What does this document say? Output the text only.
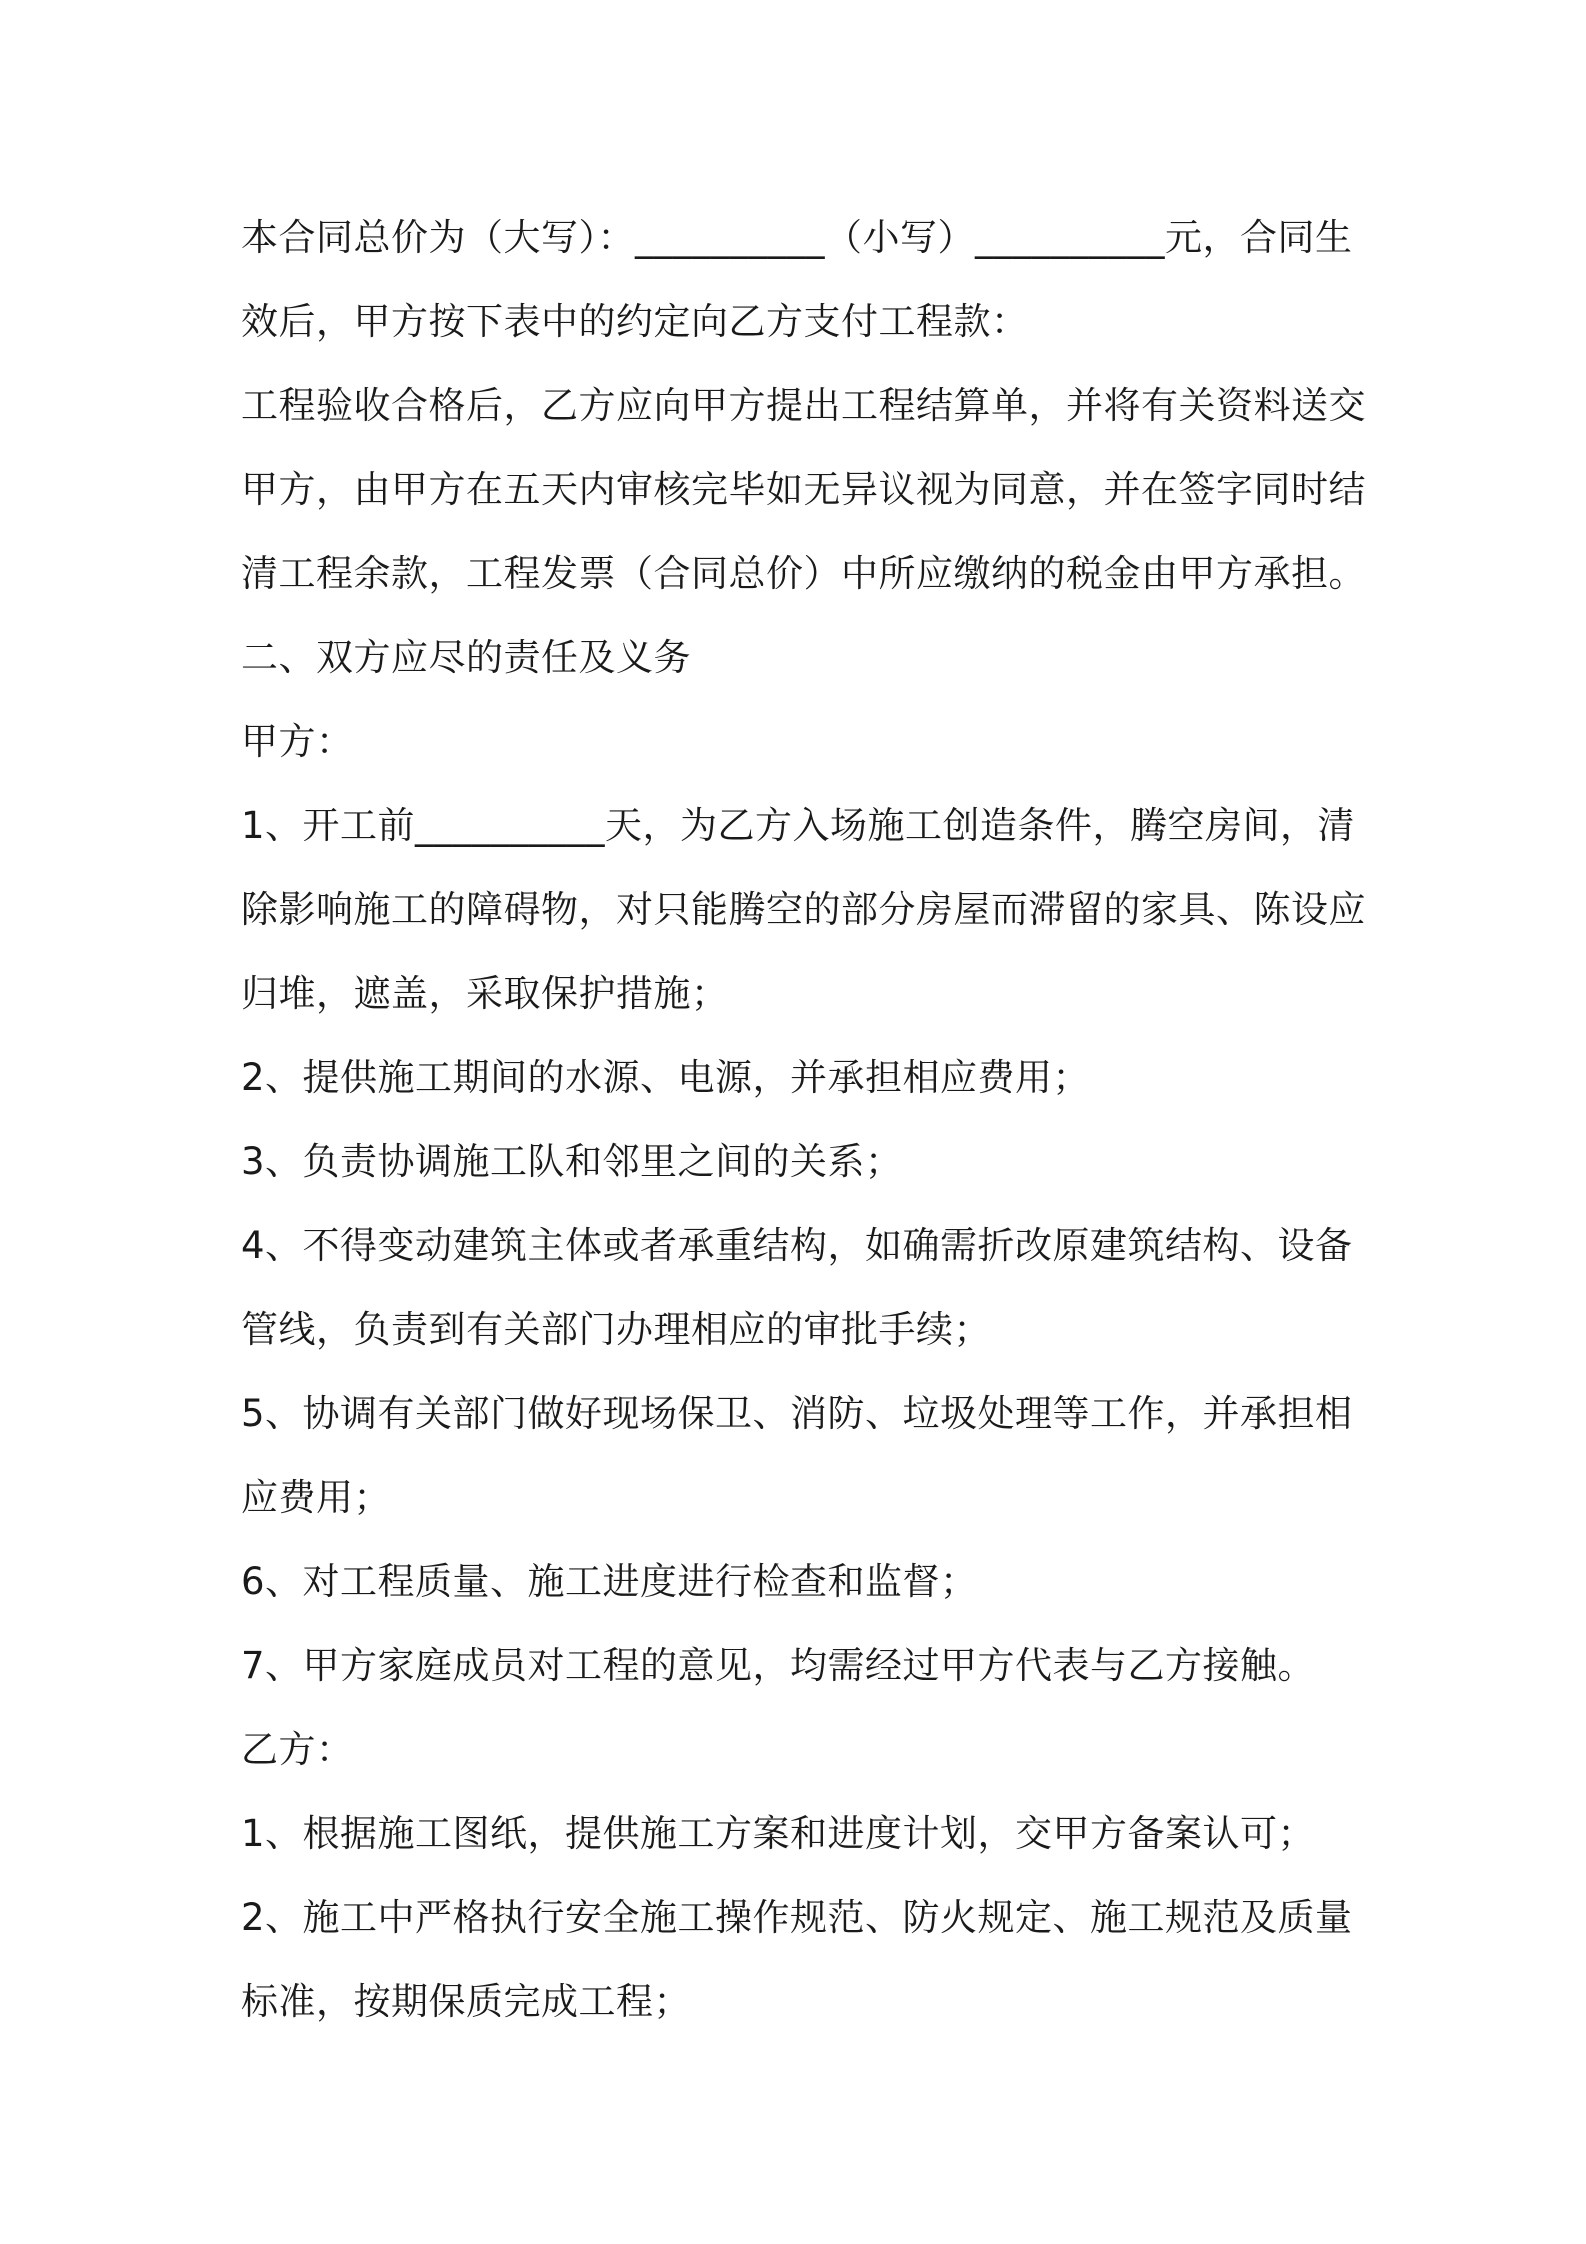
本合同总价为（大写）：__________（小写）__________元，合同生
效后，甲方按下表中的约定向乙方支付工程款：
工程验收合格后，乙方应向甲方提出工程结算单，并将有关资料送交
甲方，由甲方在五天内审核完毕如无异议视为同意，并在签字同时结
清工程余款，工程发票（合同总价）中所应缴纳的税金由甲方承担。
二、双方应尽的责任及义务
甲方：
1、开工前__________天，为乙方入场施工创造条件，腾空房间，清
除影响施工的障碍物，对只能腾空的部分房屋而滞留的家具、陈设应
归堆，遮盖，采取保护措施；
2、提供施工期间的水源、电源，并承担相应费用；
3、负责协调施工队和邻里之间的关系；
4、不得变动建筑主体或者承重结构，如确需折改原建筑结构、设备
管线，负责到有关部门办理相应的审批手续；
5、协调有关部门做好现场保卫、消防、垃圾处理等工作，并承担相
应费用；
6、对工程质量、施工进度进行检查和监督；
7、甲方家庭成员对工程的意见，均需经过甲方代表与乙方接触。
乙方：
1、根据施工图纸，提供施工方案和进度计划，交甲方备案认可；
2、施工中严格执行安全施工操作规范、防火规定、施工规范及质量
标准，按期保质完成工程；
